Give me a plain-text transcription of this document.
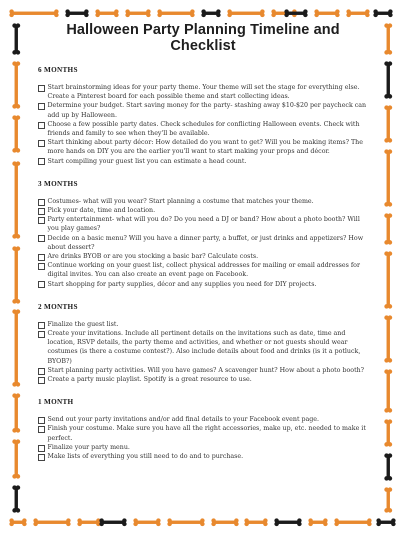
Halloween Party Planning Timeline and Checklist
6 MONTHS
Start brainstorming ideas for your party theme. Your theme will set the stage for everything else. Create a Pinterest board for each possible theme and start collecting ideas.
Determine your budget. Start saving money for the party- stashing away $10-$20 per paycheck can add up by Halloween.
Choose a few possible party dates. Check schedules for conflicting Halloween events. Check with friends and family to see when they'll be available.
Start thinking about party décor: How detailed do you want to get? Will you be making items? The more hands on DIY you are the earlier you'll want to start making your props and décor.
Start compiling your guest list you can estimate a head count.
3 MONTHS
Costumes- what will you wear? Start planning a costume that matches your theme.
Pick your date, time and location.
Party entertainment- what will you do? Do you need a DJ or band? How about a photo booth? Will you play games?
Decide on a basic menu? Will you have a dinner party, a buffet, or just drinks and appetizers? How about dessert?
Are drinks BYOB or are you stocking a basic bar? Calculate costs.
Continue working on your guest list, collect physical addresses for mailing or email addresses for digital invites. You can also create an event page on Facebook.
Start shopping for party supplies, décor and any supplies you need for DIY projects.
2 MONTHS
Finalize the guest list.
Create your invitations. Include all pertinent details on the invitations such as date, time and location, RSVP details, the party theme and activities, and whether or not guests should wear costumes (is there a costume contest?). Also include details about food and drinks (is it a potluck, BYOB?)
Start planning party activities. Will you have games? A scavenger hunt? How about a photo booth?
Create a party music playlist. Spotify is a great resource to use.
1 MONTH
Send out your party invitations and/or add final details to your Facebook event page.
Finish your costume. Make sure you have all the right accessories, make up, etc. needed to make it perfect.
Finalize your party menu.
Make lists of everything you still need to do and to purchase.
